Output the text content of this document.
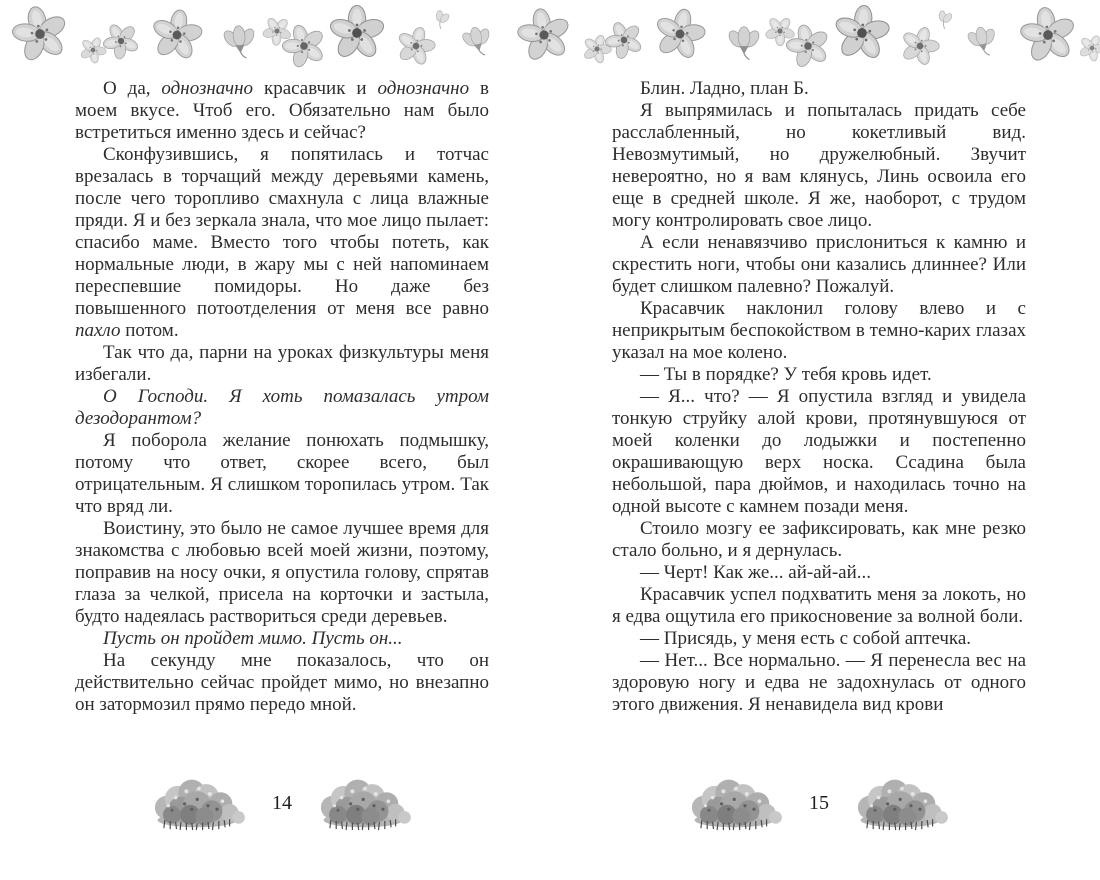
О да, однозначно красавчик и однозначно в моем вкусе. Чтоб его. Обязательно нам было встретиться именно здесь и сейчас?

Сконфузившись, я попятилась и тотчас врезалась в торчащий между деревьями камень, после чего торопливо смахнула с лица влажные пряди. Я и без зеркала знала, что мое лицо пылает: спасибо маме. Вместо того чтобы потеть, как нормальные люди, в жару мы с ней напоминаем переспевшие помидоры. Но даже без повышенного потоотделения от меня все равно пахло потом.

Так что да, парни на уроках физкультуры меня избегали.

О Господи. Я хоть помазалась утром дезодорантом?

Я поборола желание понюхать подмышку, потому что ответ, скорее всего, был отрицательным. Я слишком торопилась утром. Так что вряд ли.

Воистину, это было не самое лучшее время для знакомства с любовью всей моей жизни, поэтому, поправив на носу очки, я опустила голову, спрятав глаза за челкой, присела на корточки и застыла, будто надеялась раствориться среди деревьев.

Пусть он пройдет мимо. Пусть он...

На секунду мне показалось, что он действительно сейчас пройдет мимо, но внезапно он затормозил прямо передо мной.

Блин. Ладно, план Б.

Я выпрямилась и попыталась придать себе расслабленный, но кокетливый вид. Невозмутимый, но дружелюбный. Звучит невероятно, но я вам клянусь, Линь освоила его еще в средней школе. Я же, наоборот, с трудом могу контролировать свое лицо.

А если ненавязчиво прислониться к камню и скрестить ноги, чтобы они казались длиннее? Или будет слишком палевно? Пожалуй.

Красавчик наклонил голову влево и с неприкрытым беспокойством в темно-карих глазах указал на мое колено.

— Ты в порядке? У тебя кровь идет.

— Я... что? — Я опустила взгляд и увидела тонкую струйку алой крови, протянувшуюся от моей коленки до лодыжки и постепенно окрашивающую верх носка. Ссадина была небольшой, пара дюймов, и находилась точно на одной высоте с камнем позади меня.

Стоило мозгу ее зафиксировать, как мне резко стало больно, и я дернулась.

— Черт! Как же... ай-ай-ай...

Красавчик успел подхватить меня за локоть, но я едва ощутила его прикосновение за волной боли.

— Присядь, у меня есть с собой аптечка.

— Нет... Все нормально. — Я перенесла вес на здоровую ногу и едва не задохнулась от одного этого движения. Я ненавидела вид крови

14	15
